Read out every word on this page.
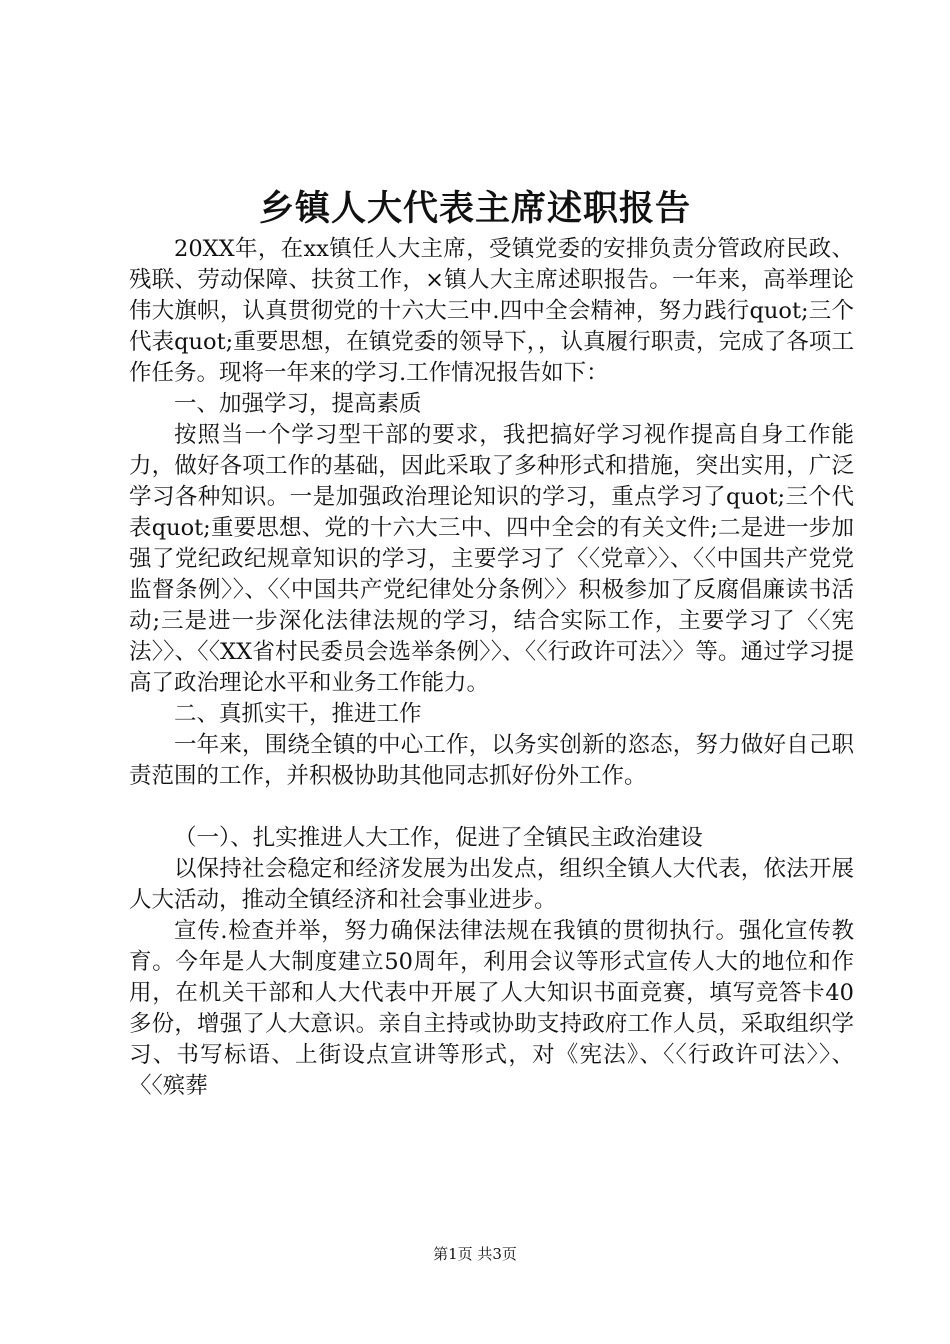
乡镇人大代表主席述职报告

20XX年，在xx镇任人大主席，受镇党委的安排负责分管政府民政、残联、劳动保障、扶贫工作，×镇人大主席述职报告。一年来，高举理论伟大旗帜，认真贯彻党的十六大三中.四中全会精神，努力践行quot;三个代表quot;重要思想，在镇党委的领导下，，认真履行职责，完成了各项工作任务。现将一年来的学习.工作情况报告如下：

一、加强学习，提高素质

按照当一个学习型干部的要求，我把搞好学习视作提高自身工作能力，做好各项工作的基础，因此采取了多种形式和措施，突出实用，广泛学习各种知识。一是加强政治理论知识的学习，重点学习了quot;三个代表quot;重要思想、党的十六大三中、四中全会的有关文件;二是进一步加强了党纪政纪规章知识的学习，主要学习了〈〈党章〉〉、〈〈中国共产党党监督条例〉〉、〈〈中国共产党纪律处分条例〉〉积极参加了反腐倡廉读书活动;三是进一步深化法律法规的学习，结合实际工作，主要学习了〈〈宪法〉〉、〈〈XX省村民委员会选举条例〉〉、〈〈行政许可法〉〉等。通过学习提高了政治理论水平和业务工作能力。

二、真抓实干，推进工作

一年来，围绕全镇的中心工作，以务实创新的恣态，努力做好自己职责范围的工作，并积极协助其他同志抓好份外工作。

（一）、扎实推进人大工作，促进了全镇民主政治建设

以保持社会稳定和经济发展为出发点，组织全镇人大代表，依法开展人大活动，推动全镇经济和社会事业进步。

宣传.检查并举，努力确保法律法规在我镇的贯彻执行。强化宣传教育。今年是人大制度建立50周年，利用会议等形式宣传人大的地位和作用，在机关干部和人大代表中开展了人大知识书面竞赛，填写竞答卡40多份，增强了人大意识。亲自主持或协助支持政府工作人员，采取组织学习、书写标语、上街设点宣讲等形式，对《宪法》、〈〈行政许可法〉〉、〈〈殡葬

第1页 共3页
